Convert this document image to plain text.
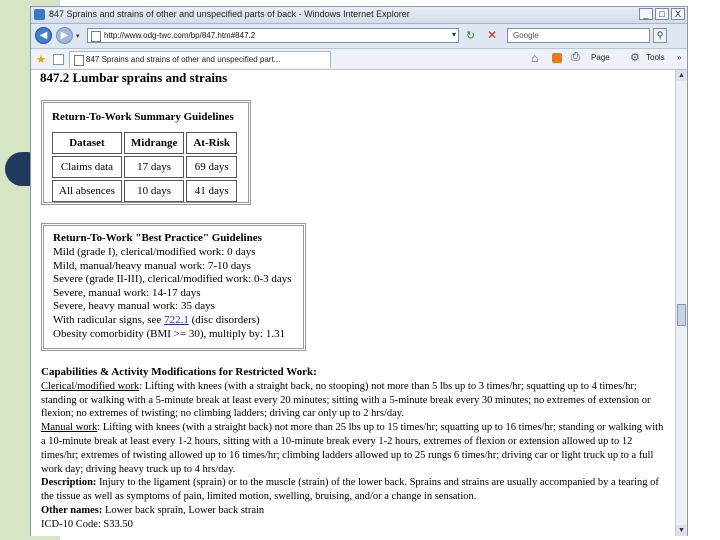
847 Sprains and strains of other and unspecified parts of back - Windows Internet Explorer	_	□	X
◀	▶	▾	http://www.odg-twc.com/bp/847.htm#847.2	▾ ↻ ✕ Google	⚲
★	847 Sprains and strains of other and unspecified part...	⌂	⎙ Page ⚙ Tools »
847.2 Lumbar sprains and strains
Return-To-Work Summary Guidelines
Dataset	Midrange	At-Risk
Claims data	17 days	69 days
All absences	10 days	41 days
Return-To-Work "Best Practice" Guidelines
Mild (grade I), clerical/modified work: 0 days
Mild, manual/heavy manual work: 7-10 days
Severe (grade II-III), clerical/modified work: 0-3 days
Severe, manual work: 14-17 days
Severe, heavy manual work: 35 days
With radicular signs, see 722.1 (disc disorders)
Obesity comorbidity (BMI >= 30), multiply by: 1.31
Capabilities & Activity Modifications for Restricted Work:
Clerical/modified work: Lifting with knees (with a straight back, no stooping) not more than 5 lbs up to 3 times/hr; squatting up to 4 times/hr; standing or walking with a 5-minute break at least every 20 minutes; sitting with a 5-minute break every 30 minutes; no extremes of extension or flexion; no extremes of twisting; no climbing ladders; driving car only up to 2 hrs/day.
Manual work: Lifting with knees (with a straight back) not more than 25 lbs up to 15 times/hr; squatting up to 16 times/hr; standing or walking with a 10-minute break at least every 1-2 hours, sitting with a 10-minute break every 1-2 hours, extremes of flexion or extension allowed up to 12 times/hr; extremes of twisting allowed up to 16 times/hr; climbing ladders allowed up to 25 rungs 6 times/hr; driving car or light truck up to a full work day; driving heavy truck up to 4 hrs/day.
Description: Injury to the ligament (sprain) or to the muscle (strain) of the lower back. Sprains and strains are usually accompanied by a tearing of the tissue as well as symptoms of pain, limited motion, swelling, bruising, and/or a change in sensation.
Other names: Lower back sprain, Lower back strain
ICD-10 Code: S33.50
▲
▼
